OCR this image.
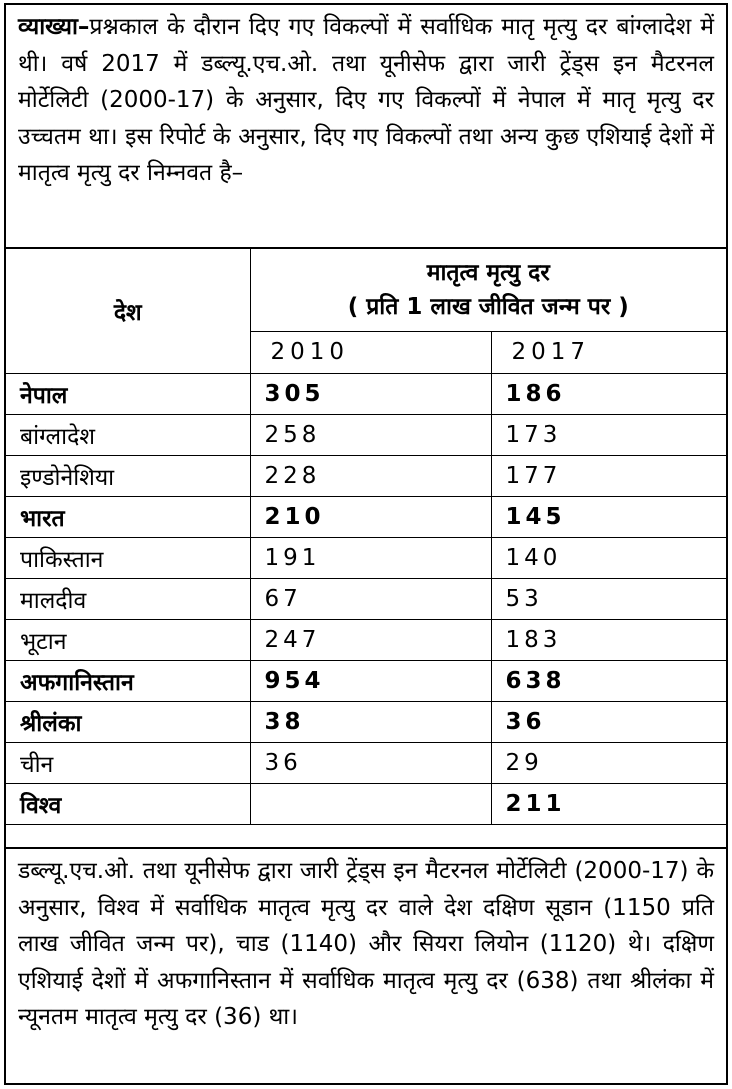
व्याख्या–प्रश्नकाल के दौरान दिए गए विकल्पों में सर्वाधिक मातृ मृत्यु दर बांग्लादेश में थी। वर्ष 2017 में डब्ल्यू.एच.ओ. तथा यूनीसेफ द्वारा जारी ट्रेंड्स इन मैटरनल मोर्टेलिटी (2000-17) के अनुसार, दिए गए विकल्पों में नेपाल में मातृ मृत्यु दर उच्चतम था। इस रिपोर्ट के अनुसार, दिए गए विकल्पों तथा अन्य कुछ एशियाई देशों में मातृत्व मृत्यु दर निम्नवत है–
देश	मातृत्व मृत्यु दर
( प्रति 1 लाख जीवित जन्म पर )	

	2010	2017
नेपाल	305	186
बांग्लादेश	258	173
इण्डोनेशिया	228	177
भारत	210	145
पाकिस्तान	191	140
मालदीव	67	53
भूटान	247	183
अफगानिस्तान	954	638
श्रीलंका	38	36
चीन	36	29
विश्व		211
डब्ल्यू.एच.ओ. तथा यूनीसेफ द्वारा जारी ट्रेंड्स इन मैटरनल मोर्टेलिटी (2000-17) के अनुसार, विश्व में सर्वाधिक मातृत्व मृत्यु दर वाले देश दक्षिण सूडान (1150 प्रति लाख जीवित जन्म पर), चाड (1140) और सियरा लियोन (1120) थे। दक्षिण एशियाई देशों में अफगानिस्तान में सर्वाधिक मातृत्व मृत्यु दर (638) तथा श्रीलंका में न्यूनतम मातृत्व मृत्यु दर (36) था।
